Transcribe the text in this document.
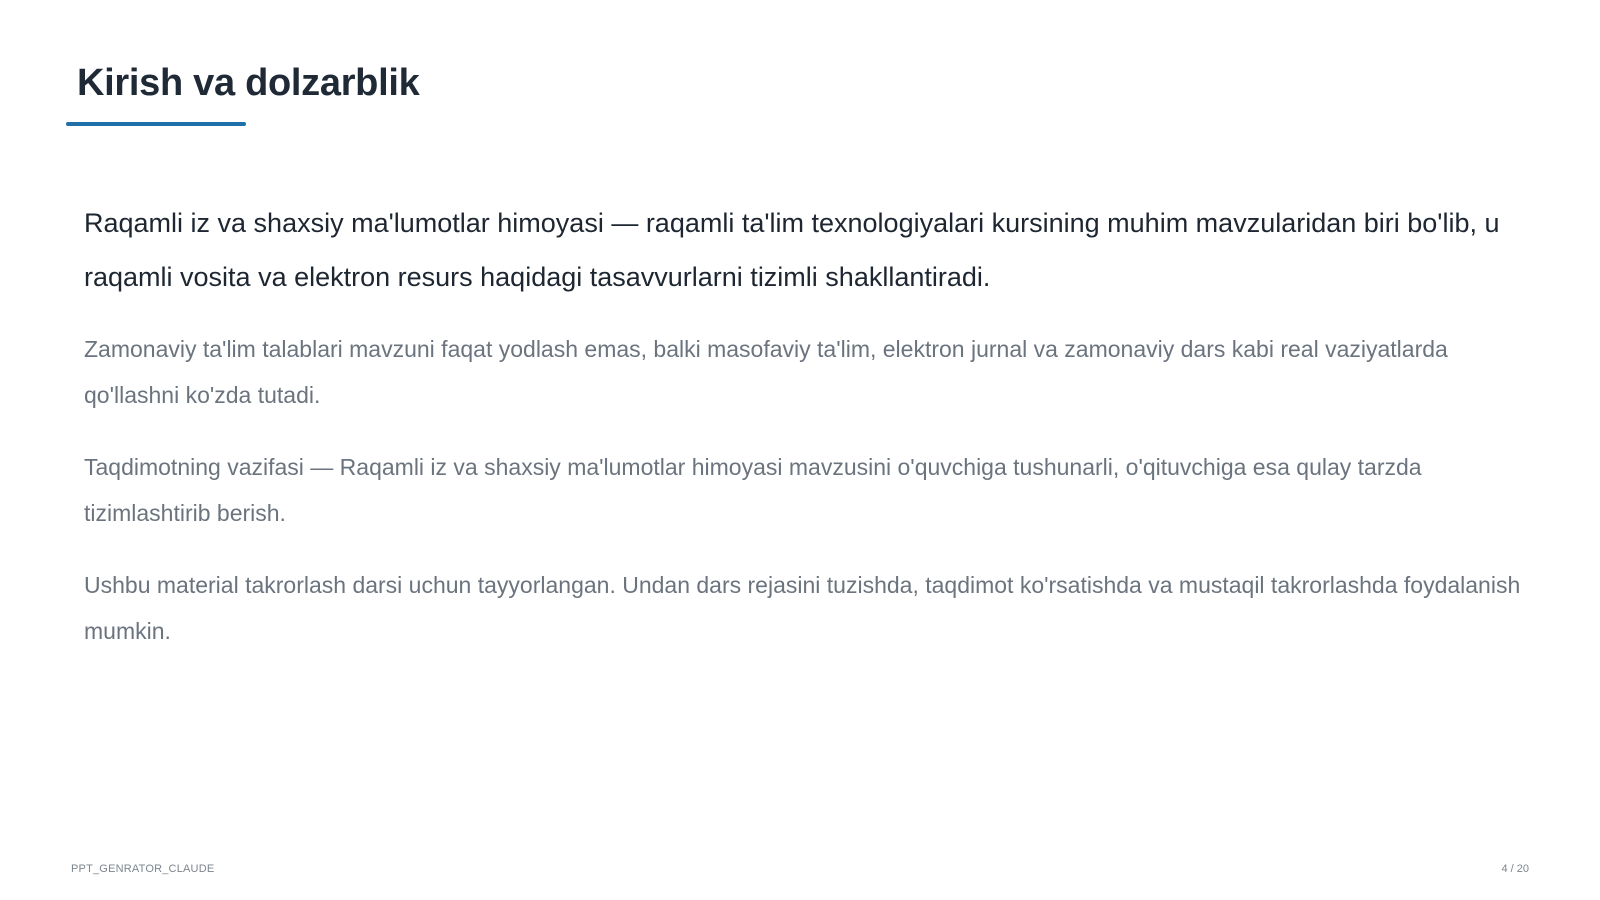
Kirish va dolzarblik

Raqamli iz va shaxsiy ma'lumotlar himoyasi — raqamli ta'lim texnologiyalari kursining muhim mavzularidan biri bo'lib, u raqamli vosita va elektron resurs haqidagi tasavvurlarni tizimli shakllantiradi.

Zamonaviy ta'lim talablari mavzuni faqat yodlash emas, balki masofaviy ta'lim, elektron jurnal va zamonaviy dars kabi real vaziyatlarda qo'llashni ko'zda tutadi.

Taqdimotning vazifasi — Raqamli iz va shaxsiy ma'lumotlar himoyasi mavzusini o'quvchiga tushunarli, o'qituvchiga esa qulay tarzda tizimlashtirib berish.

Ushbu material takrorlash darsi uchun tayyorlangan. Undan dars rejasini tuzishda, taqdimot ko'rsatishda va mustaqil takrorlashda foydalanish mumkin.

PPT_GENRATOR_CLAUDE	4 / 20
